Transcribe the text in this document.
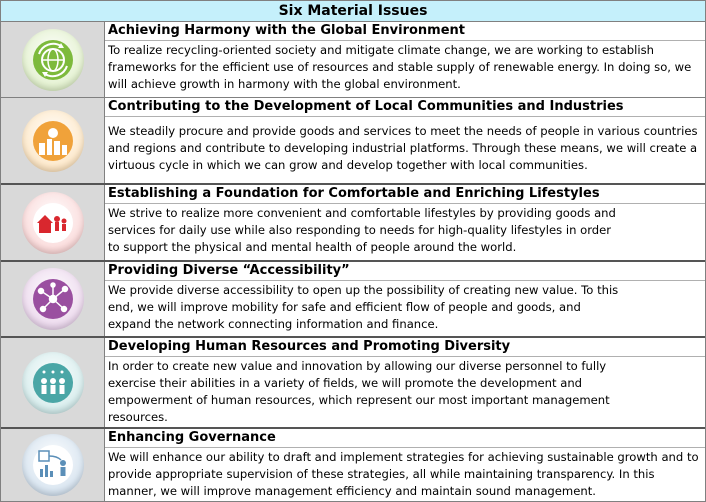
Six Material Issues
Achieving Harmony with the Global Environment
To realize recycling-oriented society and mitigate climate change, we are working to establish frameworks for the efficient use of resources and stable supply of renewable energy. In doing so, we will achieve growth in harmony with the global environment.
Contributing to the Development of Local Communities and Industries
We steadily procure and provide goods and services to meet the needs of people in various countries and regions and contribute to developing industrial platforms. Through these means, we will create a virtuous cycle in which we can grow and develop together with local communities.
Establishing a Foundation for Comfortable and Enriching Lifestyles
We strive to realize more convenient and comfortable lifestyles by providing goods and services for daily use while also responding to needs for high-quality lifestyles in order to support the physical and mental health of people around the world.
Providing Diverse “Accessibility”
We provide diverse accessibility to open up the possibility of creating new value. To this end, we will improve mobility for safe and efficient flow of people and goods, and expand the network connecting information and finance.
Developing Human Resources and Promoting Diversity
In order to create new value and innovation by allowing our diverse personnel to fully exercise their abilities in a variety of fields, we will promote the development and empowerment of human resources, which represent our most important management resources.
Enhancing Governance
We will enhance our ability to draft and implement strategies for achieving sustainable growth and to provide appropriate supervision of these strategies, all while maintaining transparency. In this manner, we will improve management efficiency and maintain sound management.
